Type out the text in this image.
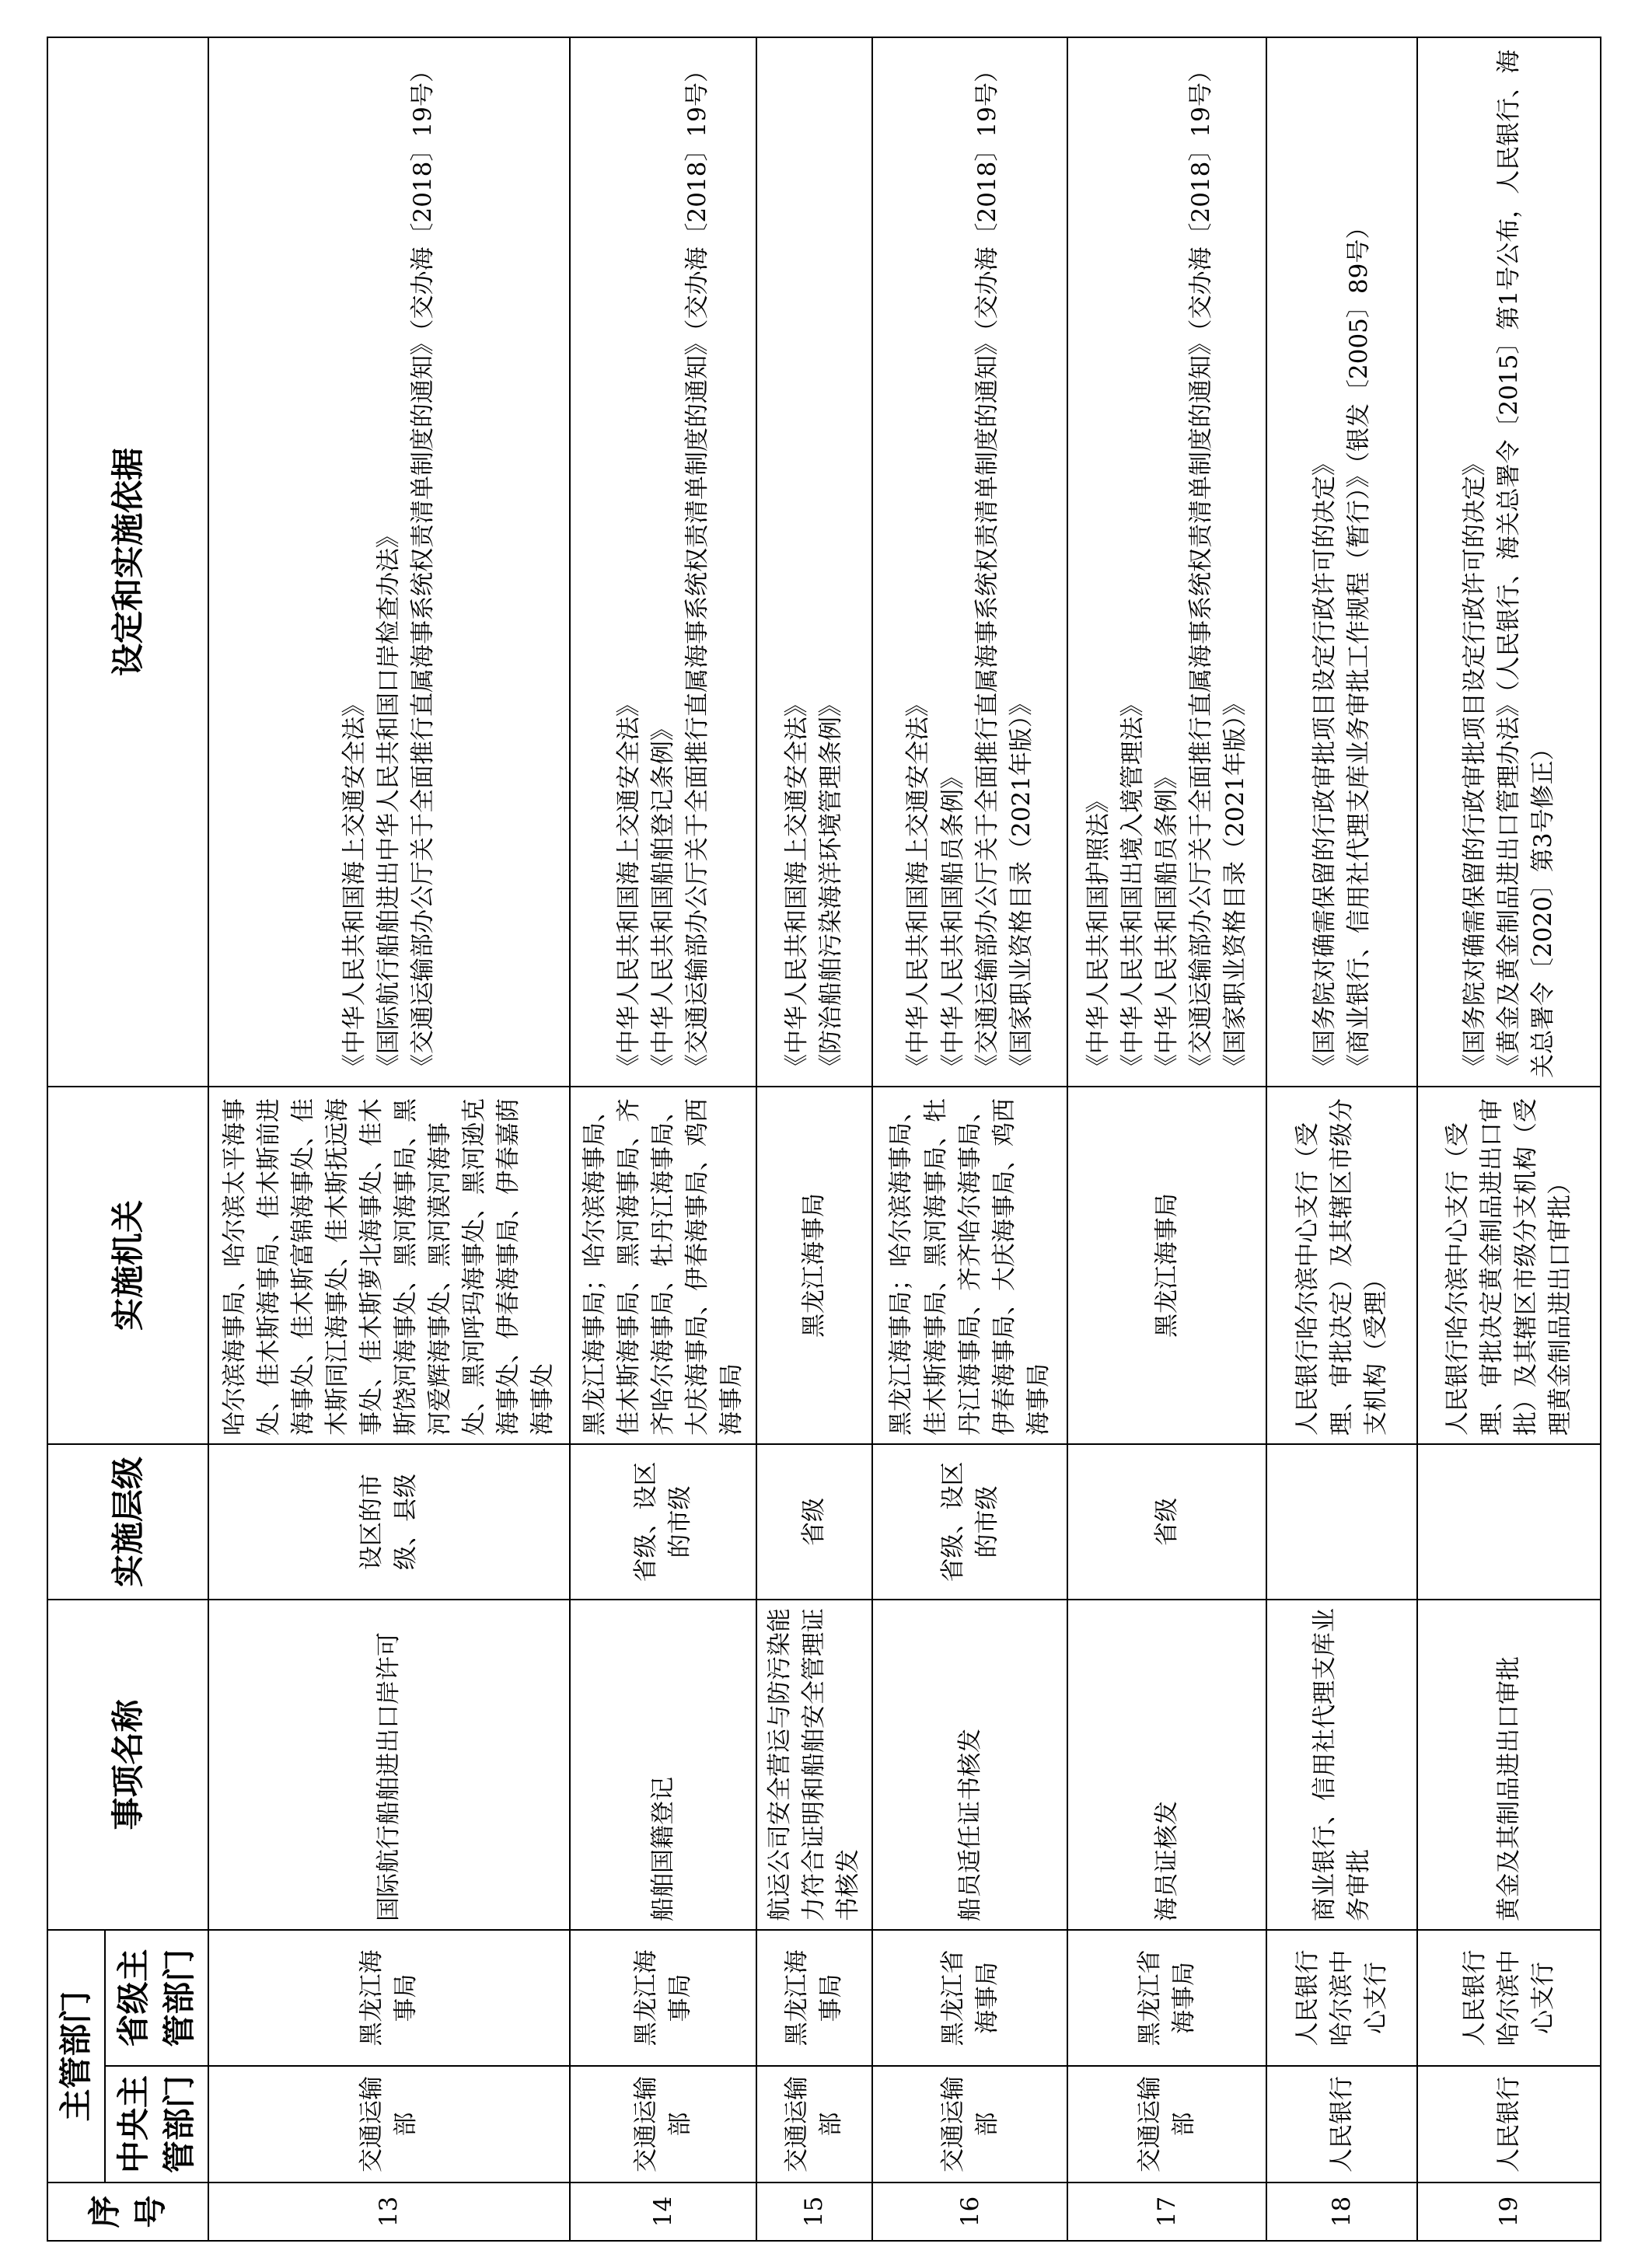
序号	主管部门		事项名称	实施层级	实施机关	设定和实施依据
	中央主管部门	省级主管部门				
13	交通运输部	黑龙江海事局	国际航行船舶进出口岸许可	设区的市级、县级	哈尔滨海事局、哈尔滨太平海事处、佳木斯海事局、佳木斯前进海事处、佳木斯富锦海事处、佳木斯同江海事处、佳木斯抚远海事处、佳木斯萝北海事处、佳木斯饶河海事处、黑河海事局、黑河爱辉海事处、黑河漠河海事处、黑河呼玛海事处、黑河逊克海事处、伊春海事局、伊春嘉荫海事处	《中华人民共和国海上交通安全法》 《国际航行船舶进出中华人民共和国口岸检查办法》 《交通运输部办公厅关于全面推行直属海事系统权责清单制度的通知》（交办海〔2018〕19号）

14	交通运输部	黑龙江海事局	船舶国籍登记	省级、设区的市级	黑龙江海事局；哈尔滨海事局、佳木斯海事局、黑河海事局、齐齐哈尔海事局、牡丹江海事局、大庆海事局、伊春海事局、鸡西海事局	《中华人民共和国海上交通安全法》 《中华人民共和国船舶登记条例》 《交通运输部办公厅关于全面推行直属海事系统权责清单制度的通知》（交办海〔2018〕19号）

15	交通运输部	黑龙江海事局	航运公司安全营运与防污染能力符合证明和船舶安全管理证书核发	省级	黑龙江海事局	《中华人民共和国海上交通安全法》 《防治船舶污染海洋环境管理条例》

16	交通运输部	黑龙江省海事局	船员适任证书核发	省级、设区的市级	黑龙江海事局；哈尔滨海事局、佳木斯海事局、黑河海事局、牡丹江海事局、齐齐哈尔海事局、伊春海事局、大庆海事局、鸡西海事局	《中华人民共和国海上交通安全法》 《中华人民共和国船员条例》 《交通运输部办公厅关于全面推行直属海事系统权责清单制度的通知》（交办海〔2018〕19号） 《国家职业资格目录（2021年版）》

17	交通运输部	黑龙江省海事局	海员证核发	省级	黑龙江海事局	《中华人民共和国护照法》 《中华人民共和国出境入境管理法》 《中华人民共和国船员条例》 《交通运输部办公厅关于全面推行直属海事系统权责清单制度的通知》（交办海〔2018〕19号） 《国家职业资格目录（2021年版）》

18	人民银行	人民银行哈尔滨中心支行	商业银行、信用社代理支库业务审批		人民银行哈尔滨中心支行（受理、审批决定）及其辖区市级分支机构（受理）	《国务院对确需保留的行政审批项目设定行政许可的决定》 《商业银行、信用社代理支库业务审批工作规程（暂行）》（银发〔2005〕89号）

19	人民银行	人民银行哈尔滨中心支行	黄金及其制品进出口审批		人民银行哈尔滨中心支行（受理、审批决定黄金制品进出口审批）及其辖区市级分支机构（受理黄金制品进出口审批）	《国务院对确需保留的行政审批项目设定行政许可的决定》 《黄金及黄金制品进出口管理办法》（人民银行、海关总署令〔2015〕第1号公布，人民银行、海关总署令〔2020〕第3号修正）
